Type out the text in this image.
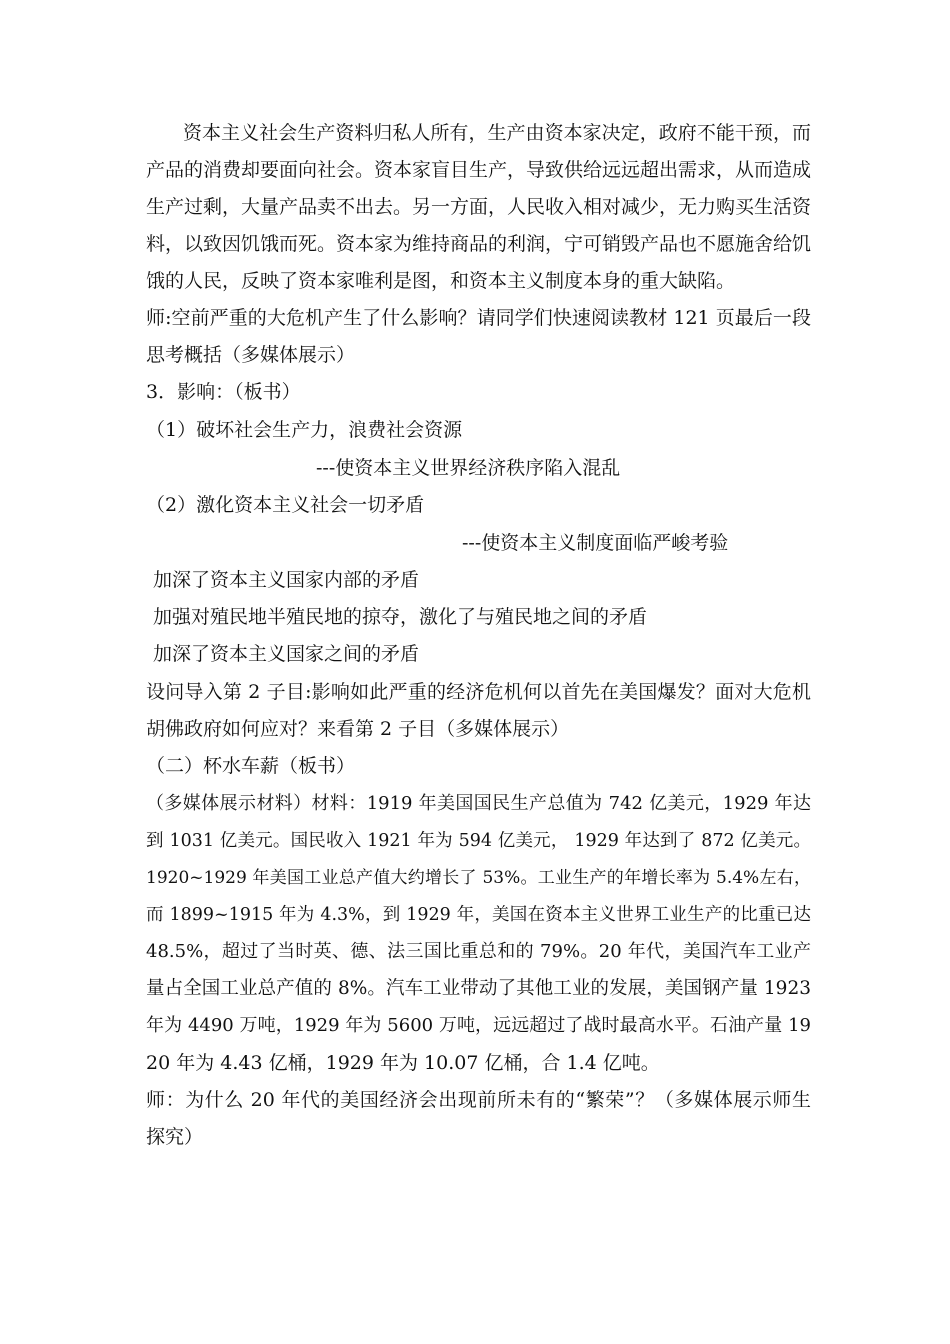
资本主义社会生产资料归私人所有，生产由资本家决定，政府不能干预，而
产品的消费却要面向社会。资本家盲目生产，导致供给远远超出需求，从而造成
生产过剩，大量产品卖不出去。另一方面，人民收入相对减少，无力购买生活资
料，以致因饥饿而死。资本家为维持商品的利润，宁可销毁产品也不愿施舍给饥
饿的人民，反映了资本家唯利是图，和资本主义制度本身的重大缺陷。
师:空前严重的大危机产生了什么影响？请同学们快速阅读教材 121 页最后一段
思考概括（多媒体展示）
3．影响：（板书）
（1）破坏社会生产力，浪费社会资源
---使资本主义世界经济秩序陷入混乱
（2）激化资本主义社会一切矛盾
---使资本主义制度面临严峻考验
加深了资本主义国家内部的矛盾
加强对殖民地半殖民地的掠夺，激化了与殖民地之间的矛盾
加深了资本主义国家之间的矛盾
设问导入第 2 子目:影响如此严重的经济危机何以首先在美国爆发？面对大危机
胡佛政府如何应对？来看第 2 子目（多媒体展示）
（二）杯水车薪（板书）
（多媒体展示材料）材料：1919 年美国国民生产总值为 742 亿美元，1929 年达
到 1031 亿美元。国民收入 1921 年为 594 亿美元， 1929 年达到了 872 亿美元。
1920~1929 年美国工业总产值大约增长了 53%。工业生产的年增长率为 5.4%左右，
而 1899~1915 年为 4.3%，到 1929 年，美国在资本主义世界工业生产的比重已达
48.5%，超过了当时英、德、法三国比重总和的 79%。20 年代，美国汽车工业产
量占全国工业总产值的 8%。汽车工业带动了其他工业的发展，美国钢产量 1923
年为 4490 万吨，1929 年为 5600 万吨，远远超过了战时最高水平。石油产量 19
20 年为 4.43 亿桶，1929 年为 10.07 亿桶，合 1.4 亿吨。
师：为什么 20 年代的美国经济会出现前所未有的“繁荣”？（多媒体展示师生
探究）
